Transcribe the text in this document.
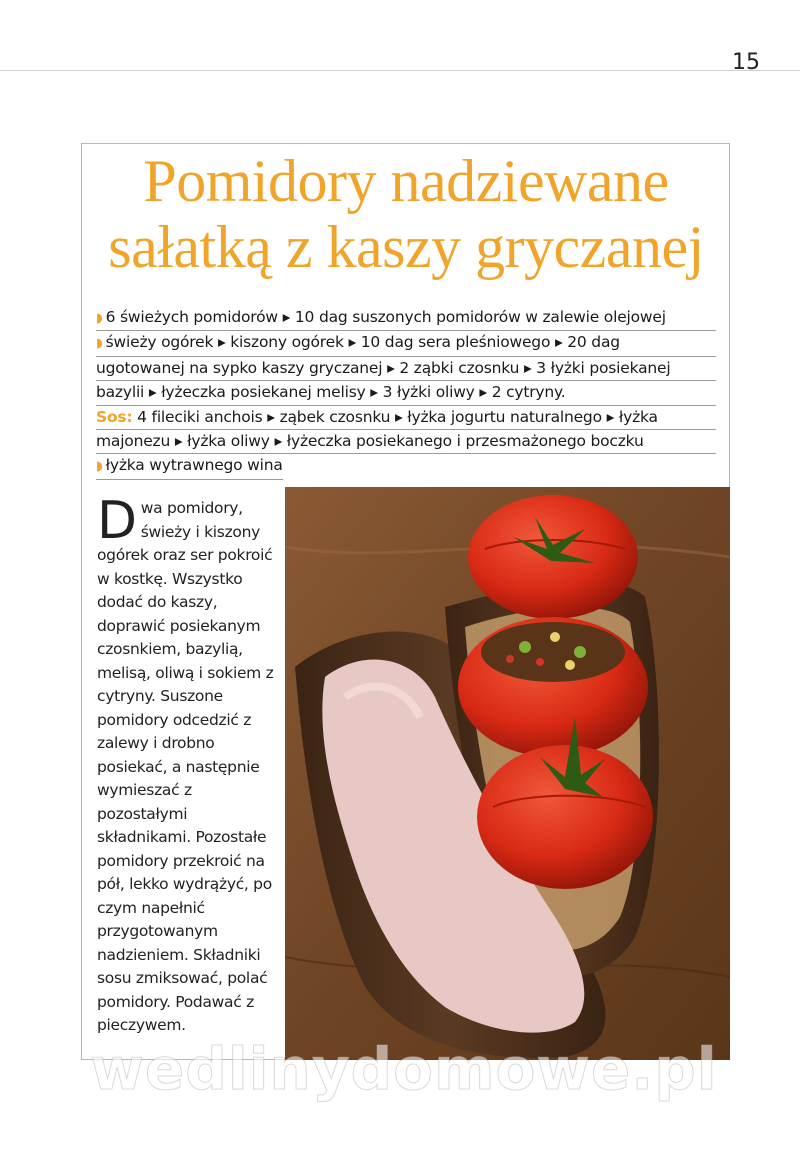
15
Pomidory nadziewane
sałatką z kaszy gryczanej
◗ 6 świeżych pomidorów ▸ 10 dag suszonych pomidorów w zalewie olejowej
◗ świeży ogórek ▸ kiszony ogórek ▸ 10 dag sera pleśniowego ▸ 20 dag
ugotowanej na sypko kaszy gryczanej ▸ 2 ząbki czosnku ▸ 3 łyżki posiekanej
bazylii ▸ łyżeczka posiekanej melisy ▸ 3 łyżki oliwy ▸ 2 cytryny.
Sos: 4 fileciki anchois ▸ ząbek czosnku ▸ łyżka jogurtu naturalnego ▸ łyżka
majonezu ▸ łyżka oliwy ▸ łyżeczka posiekanego i przesmażonego boczku
◗ łyżka wytrawnego wina
Dwa pomidory, świeży i kiszony ogórek oraz ser pokroić w kostkę. Wszystko dodać do kaszy, doprawić posiekanym czosnkiem, bazylią, melisą, oliwą i sokiem z cytryny. Suszone pomidory odcedzić z zalewy i drobno posiekać, a następnie wymieszać z pozostałymi składnikami. Pozostałe pomidory przekroić na pół, lekko wydrążyć, po czym napełnić przygotowanym nadzieniem. Składniki sosu zmiksować, polać pomidory. Podawać z pieczywem.
wedlinydomowe.pl
